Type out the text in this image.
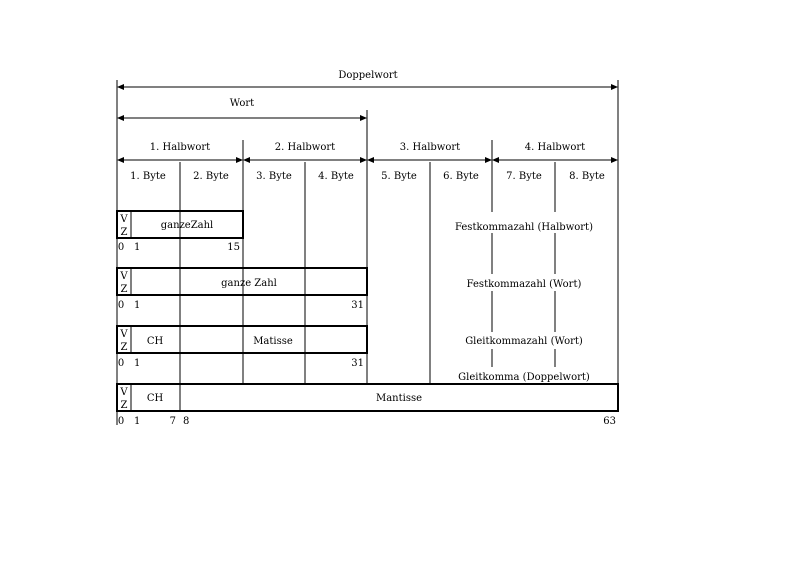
Doppelwort
Wort
1. Halbwort	2. Halbwort	3. Halbwort	4. Halbwort
1. Byte	2. Byte	3. Byte	4. Byte	5. Byte	6. Byte	7. Byte	8. Byte
V
Z
ganzeZahl
0 1	15
Festkommazahl (Halbwort)
V
Z
ganze Zahl
0 1	31
Festkommazahl (Wort)
V
Z
CH	Matisse
0 1	31
Gleitkommazahl (Wort)
V
Z
CH	Mantisse
0 1	7 8	63
Gleitkomma (Doppelwort)
